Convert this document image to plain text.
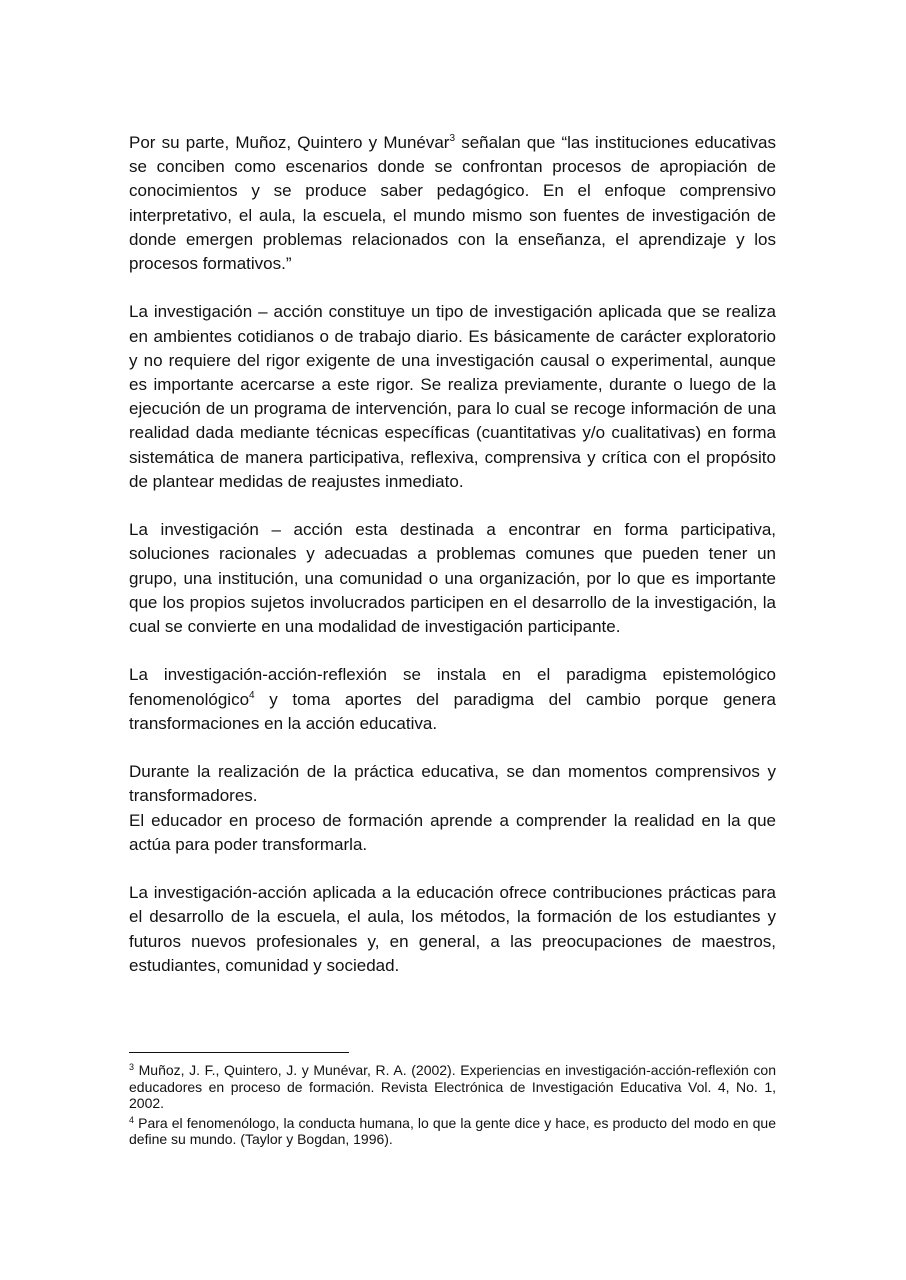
Por su parte, Muñoz, Quintero y Munévar$^3$ señalan que “las instituciones educativas se conciben como escenarios donde se confrontan procesos de apropiación de conocimientos y se produce saber pedagógico. En el enfoque comprensivo interpretativo, el aula, la escuela, el mundo mismo son fuentes de investigación de donde emergen problemas relacionados con la enseñanza, el aprendizaje y los procesos formativos.”

La investigación – acción constituye un tipo de investigación aplicada que se realiza en ambientes cotidianos o de trabajo diario. Es básicamente de carácter exploratorio y no requiere del rigor exigente de una investigación causal o experimental, aunque es importante acercarse a este rigor. Se realiza previamente, durante o luego de la ejecución de un programa de intervención, para lo cual se recoge información de una realidad dada mediante técnicas específicas (cuantitativas y/o cualitativas) en forma sistemática de manera participativa, reflexiva, comprensiva y crítica con el propósito de plantear medidas de reajustes inmediato.

La investigación – acción esta destinada a encontrar en forma participativa, soluciones racionales y adecuadas a problemas comunes que pueden tener un grupo, una institución, una comunidad o una organización, por lo que es importante que los propios sujetos involucrados participen en el desarrollo de la investigación, la cual se convierte en una modalidad de investigación participante.

La investigación-acción-reflexión se instala en el paradigma epistemológico fenomenológico$^4$ y toma aportes del paradigma del cambio porque genera transformaciones en la acción educativa.

Durante la realización de la práctica educativa, se dan momentos comprensivos y transformadores.

El educador en proceso de formación aprende a comprender la realidad en la que actúa para poder transformarla.

La investigación-acción aplicada a la educación ofrece contribuciones prácticas para el desarrollo de la escuela, el aula, los métodos, la formación de los estudiantes y futuros nuevos profesionales y, en general, a las preocupaciones de maestros, estudiantes, comunidad y sociedad.

$^3$ Muñoz, J. F., Quintero, J. y Munévar, R. A. (2002). Experiencias en investigación-acción-reflexión con educadores en proceso de formación. Revista Electrónica de Investigación Educativa Vol. 4, No. 1, 2002.

$^4$ Para el fenomenólogo, la conducta humana, lo que la gente dice y hace, es producto del modo en que define su mundo. (Taylor y Bogdan, 1996).
